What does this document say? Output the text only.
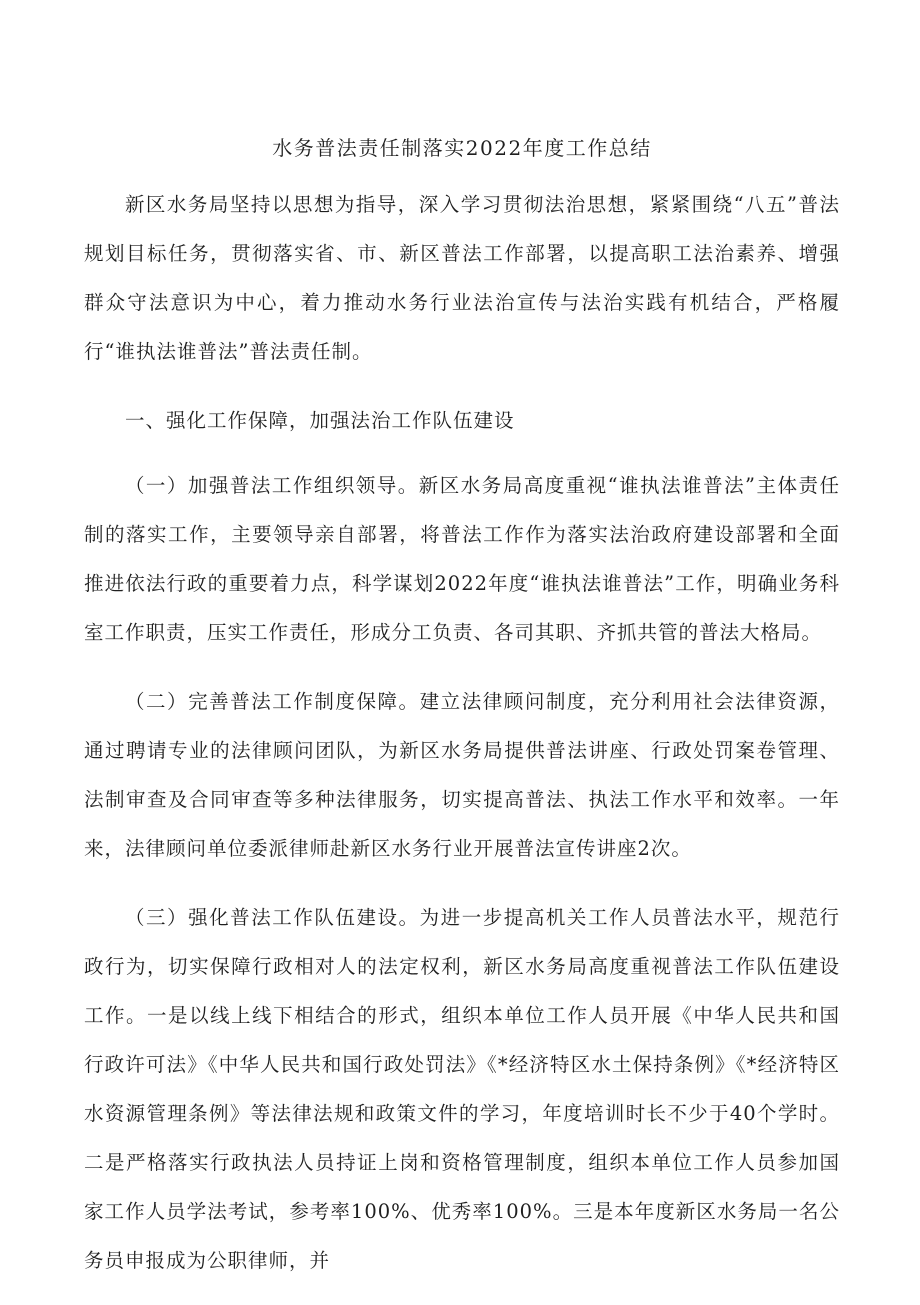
水务普法责任制落实2022年度工作总结

新区水务局坚持以思想为指导，深入学习贯彻法治思想，紧紧围绕“八五”普法规划目标任务，贯彻落实省、市、新区普法工作部署，以提高职工法治素养、增强群众守法意识为中心，着力推动水务行业法治宣传与法治实践有机结合，严格履行“谁执法谁普法”普法责任制。

一、强化工作保障，加强法治工作队伍建设

（一）加强普法工作组织领导。新区水务局高度重视“谁执法谁普法”主体责任制的落实工作，主要领导亲自部署，将普法工作作为落实法治政府建设部署和全面推进依法行政的重要着力点，科学谋划2022年度“谁执法谁普法”工作，明确业务科室工作职责，压实工作责任，形成分工负责、各司其职、齐抓共管的普法大格局。

（二）完善普法工作制度保障。建立法律顾问制度，充分利用社会法律资源，通过聘请专业的法律顾问团队，为新区水务局提供普法讲座、行政处罚案卷管理、法制审查及合同审查等多种法律服务，切实提高普法、执法工作水平和效率。一年来，法律顾问单位委派律师赴新区水务行业开展普法宣传讲座2次。

（三）强化普法工作队伍建设。为进一步提高机关工作人员普法水平，规范行政行为，切实保障行政相对人的法定权利，新区水务局高度重视普法工作队伍建设工作。一是以线上线下相结合的形式，组织本单位工作人员开展《中华人民共和国行政许可法》《中华人民共和国行政处罚法》《*经济特区水土保持条例》《*经济特区水资源管理条例》等法律法规和政策文件的学习，年度培训时长不少于40个学时。二是严格落实行政执法人员持证上岗和资格管理制度，组织本单位工作人员参加国家工作人员学法考试，参考率100%、优秀率100%。三是本年度新区水务局一名公务员申报成为公职律师，并
